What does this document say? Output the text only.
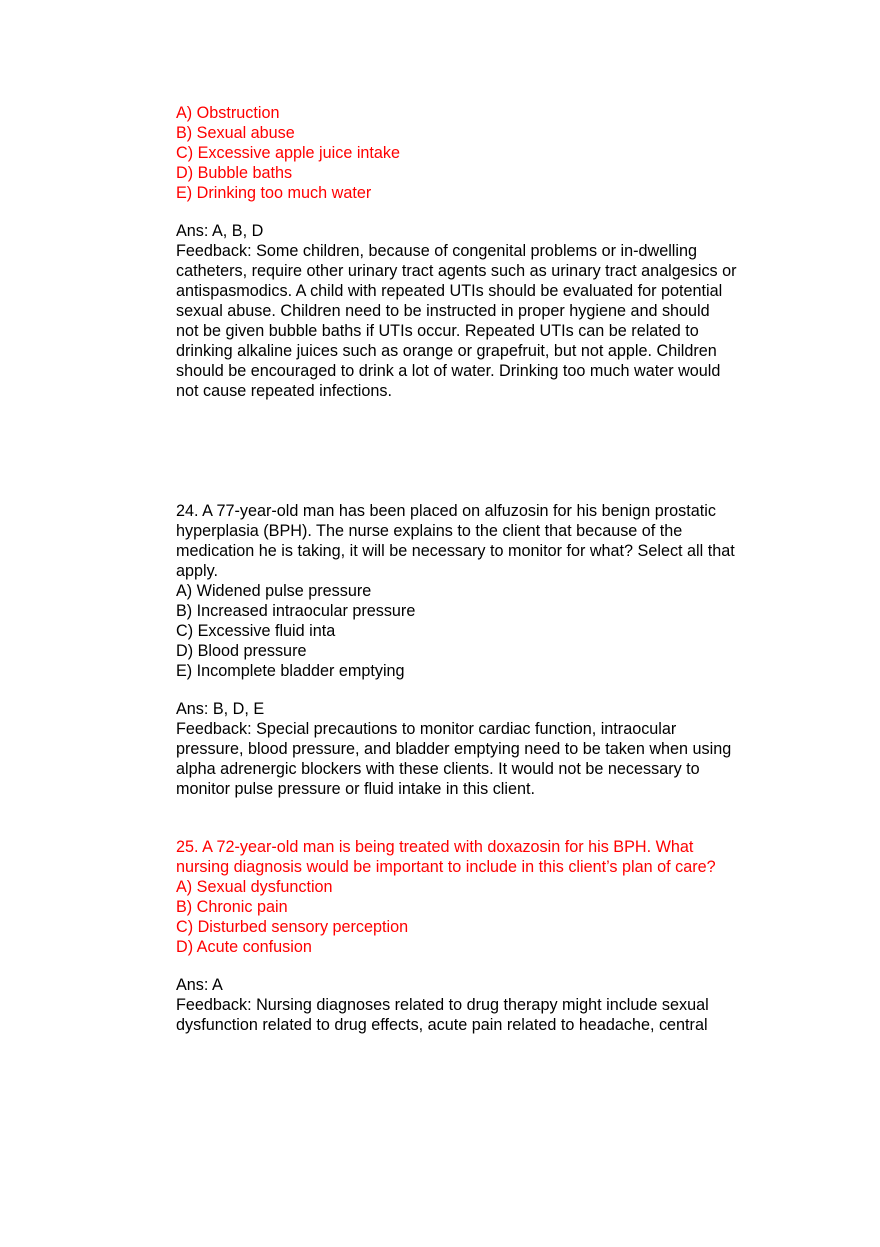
A) Obstruction
B) Sexual abuse
C) Excessive apple juice intake
D) Bubble baths
E) Drinking too much water
Ans: A, B, D
Feedback: Some children, because of congenital problems or in-dwelling
catheters, require other urinary tract agents such as urinary tract analgesics or
antispasmodics. A child with repeated UTIs should be evaluated for potential
sexual abuse. Children need to be instructed in proper hygiene and should
not be given bubble baths if UTIs occur. Repeated UTIs can be related to
drinking alkaline juices such as orange or grapefruit, but not apple. Children
should be encouraged to drink a lot of water. Drinking too much water would
not cause repeated infections.
24. A 77-year-old man has been placed on alfuzosin for his benign prostatic
hyperplasia (BPH). The nurse explains to the client that because of the
medication he is taking, it will be necessary to monitor for what? Select all that
apply.
A) Widened pulse pressure
B) Increased intraocular pressure
C) Excessive fluid inta
D) Blood pressure
E) Incomplete bladder emptying
Ans: B, D, E
Feedback: Special precautions to monitor cardiac function, intraocular
pressure, blood pressure, and bladder emptying need to be taken when using
alpha adrenergic blockers with these clients. It would not be necessary to
monitor pulse pressure or fluid intake in this client.
25. A 72-year-old man is being treated with doxazosin for his BPH. What
nursing diagnosis would be important to include in this client’s plan of care?
A) Sexual dysfunction
B) Chronic pain
C) Disturbed sensory perception
D) Acute confusion
Ans: A
Feedback: Nursing diagnoses related to drug therapy might include sexual
dysfunction related to drug effects, acute pain related to headache, central
